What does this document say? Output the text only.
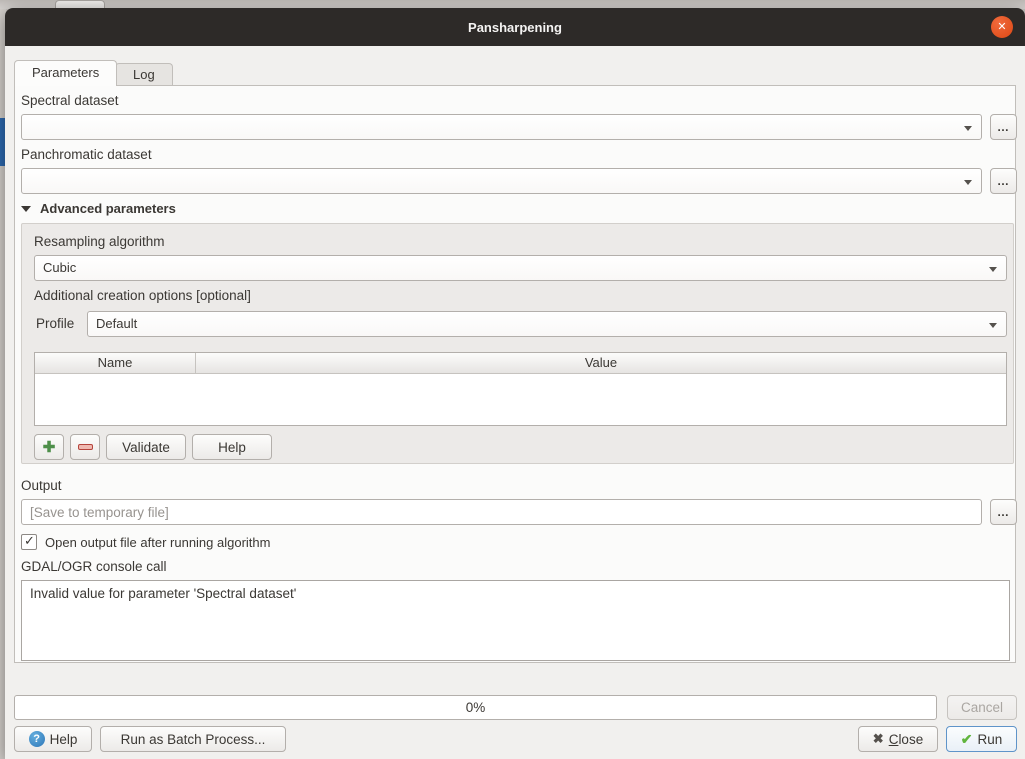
Pansharpening	✕
Log
Parameters
Spectral dataset
…
Panchromatic dataset
…
Advanced parameters
Resampling algorithm
Cubic
Additional creation options [optional]
Profile	Default
Name	Value
✚	Validate	Help
Output
[Save to temporary file]
…
✓ Open output file after running algorithm
GDAL/OGR console call
Invalid value for parameter 'Spectral dataset'
0%	Cancel
? Help	Run as Batch Process...	✖ Close	✔ Run
